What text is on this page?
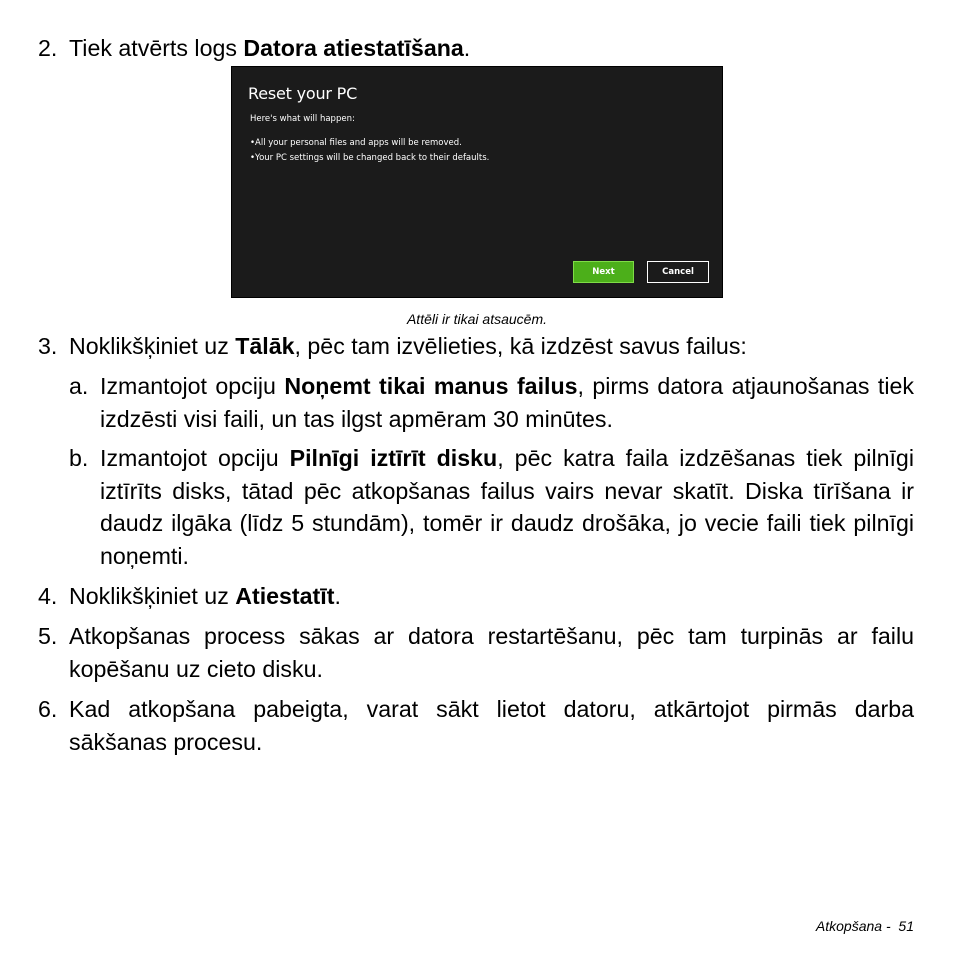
2. Tiek atvērts logs Datora atiestatīšana.
Reset your PC
Here's what will happen:
• All your personal files and apps will be removed.
• Your PC settings will be changed back to their defaults.
Next	Cancel
Attēli ir tikai atsaucēm.
3. Noklikšķiniet uz Tālāk, pēc tam izvēlieties, kā izdzēst savus failus:
a. Izmantojot opciju Noņemt tikai manus failus, pirms datora atjaunošanas tiek izdzēsti visi faili, un tas ilgst apmēram 30 minūtes.
b. Izmantojot opciju Pilnīgi iztīrīt disku, pēc katra faila izdzēšanas tiek pilnīgi iztīrīts disks, tātad pēc atkopšanas failus vairs nevar skatīt. Diska tīrīšana ir daudz ilgāka (līdz 5 stundām), tomēr ir daudz drošāka, jo vecie faili tiek pilnīgi noņemti.
4. Noklikšķiniet uz Atiestatīt.
5. Atkopšanas process sākas ar datora restartēšanu, pēc tam turpinās ar failu kopēšanu uz cieto disku.
6. Kad atkopšana pabeigta, varat sākt lietot datoru, atkārtojot pirmās darba sākšanas procesu.
Atkopšana - 51
